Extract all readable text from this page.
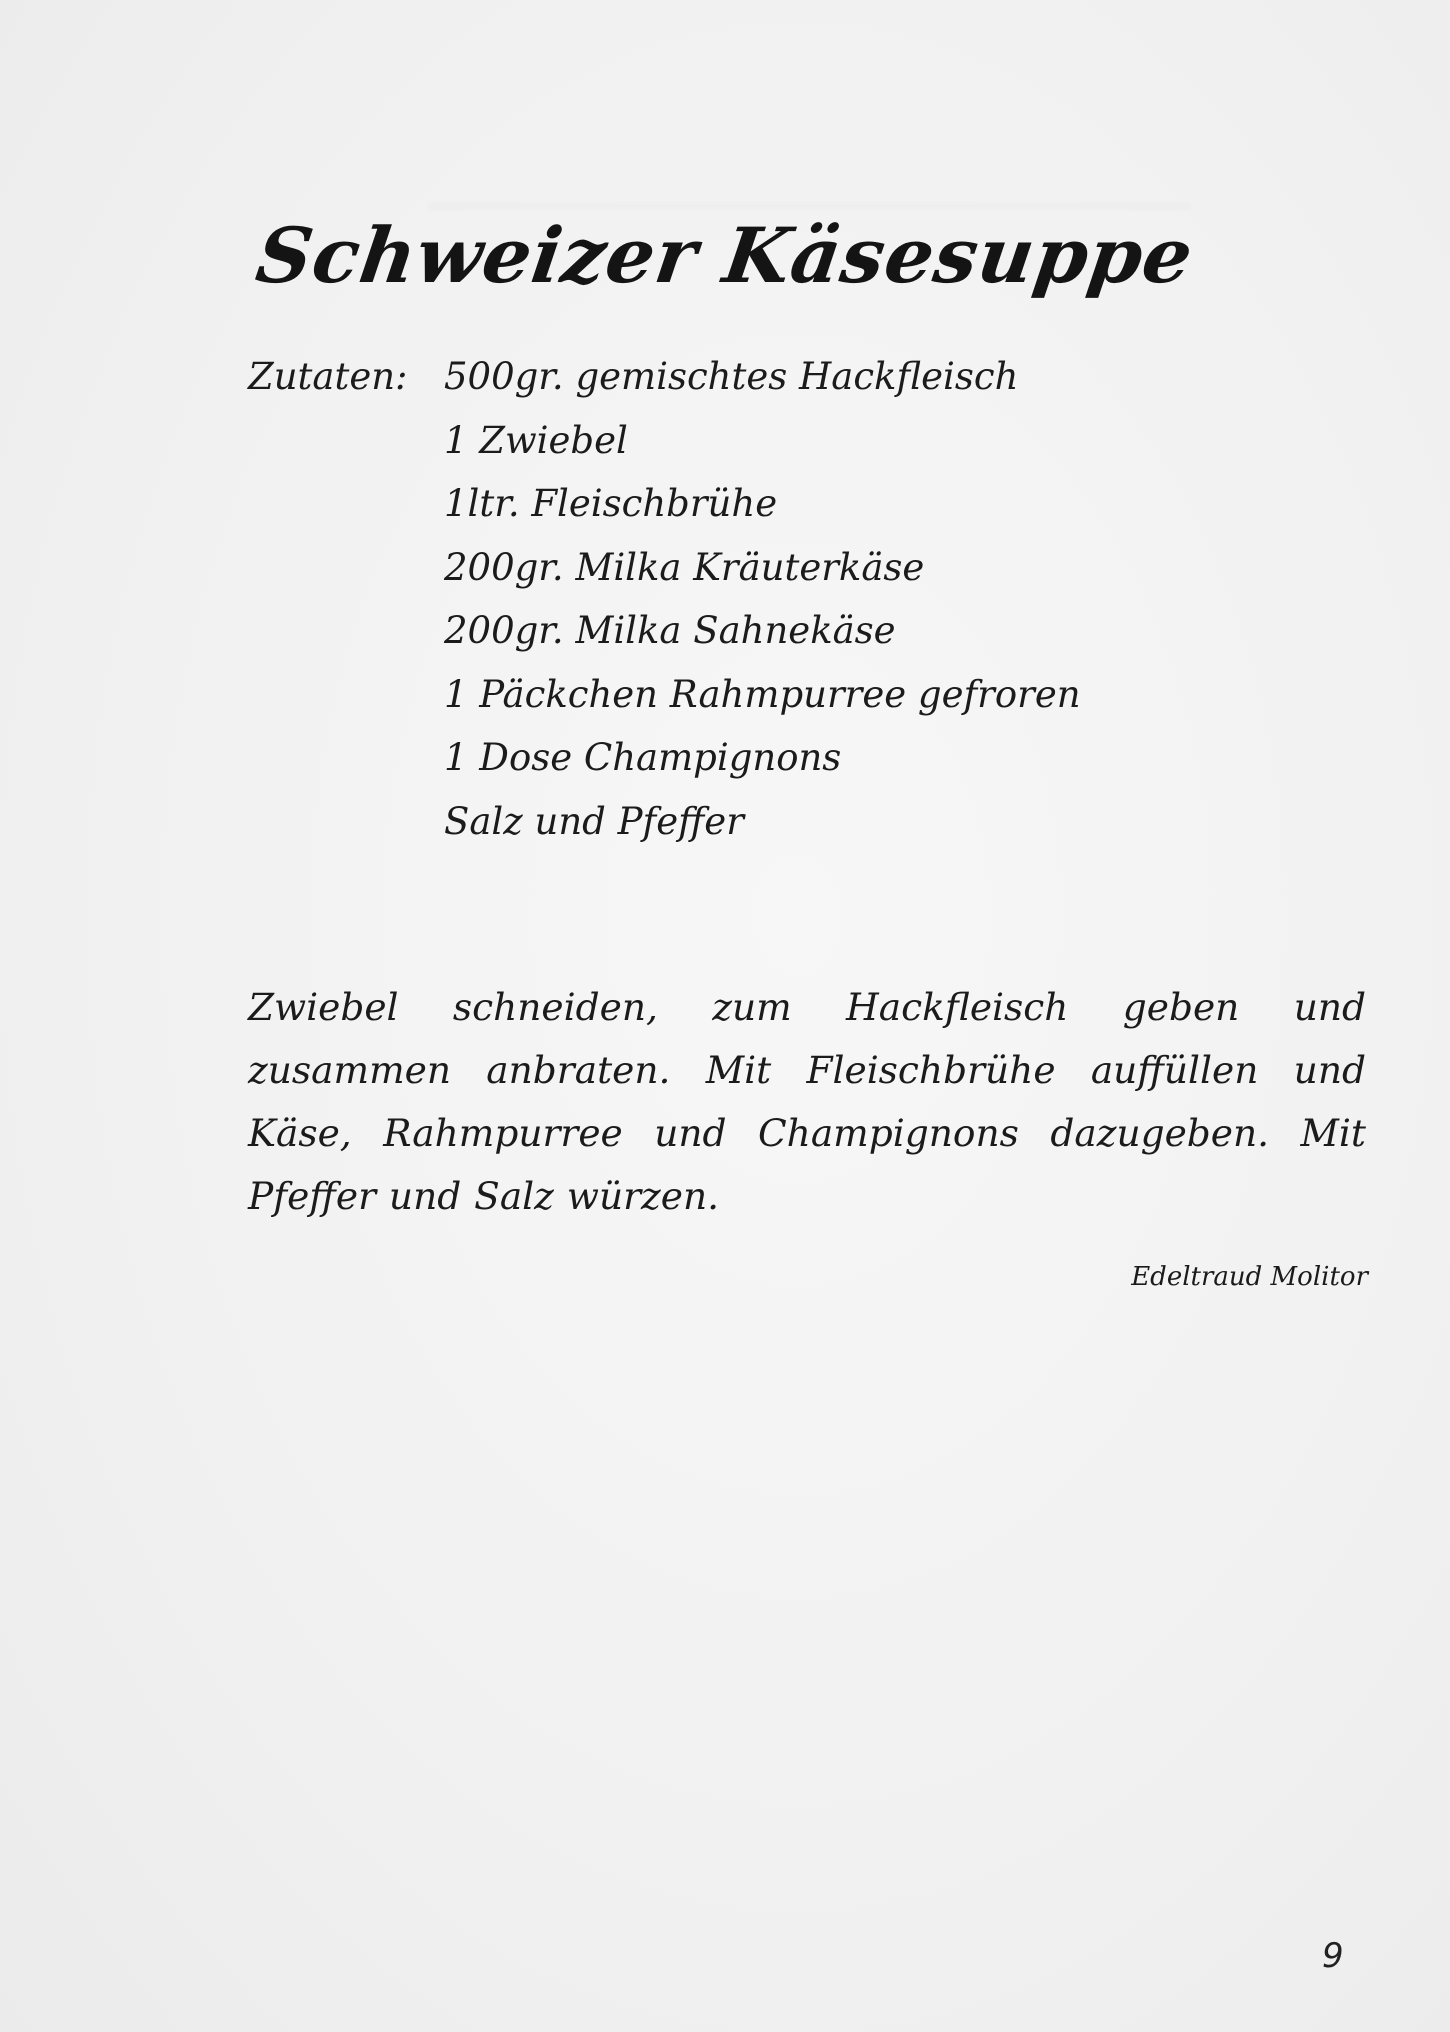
Schweizer Käsesuppe
Zutaten: 500gr. gemischtes Hackfleisch
1 Zwiebel
1ltr. Fleischbrühe
200gr. Milka Kräuterkäse
200gr. Milka Sahnekäse
1 Päckchen Rahmpurree gefroren
1 Dose Champignons
Salz und Pfeffer

Zwiebel schneiden, zum Hackfleisch geben und zusammen anbraten. Mit Fleischbrühe auffüllen und Käse, Rahmpurree und Champignons dazugeben. Mit Pfeffer und Salz würzen.

Edeltraud Molitor
9
